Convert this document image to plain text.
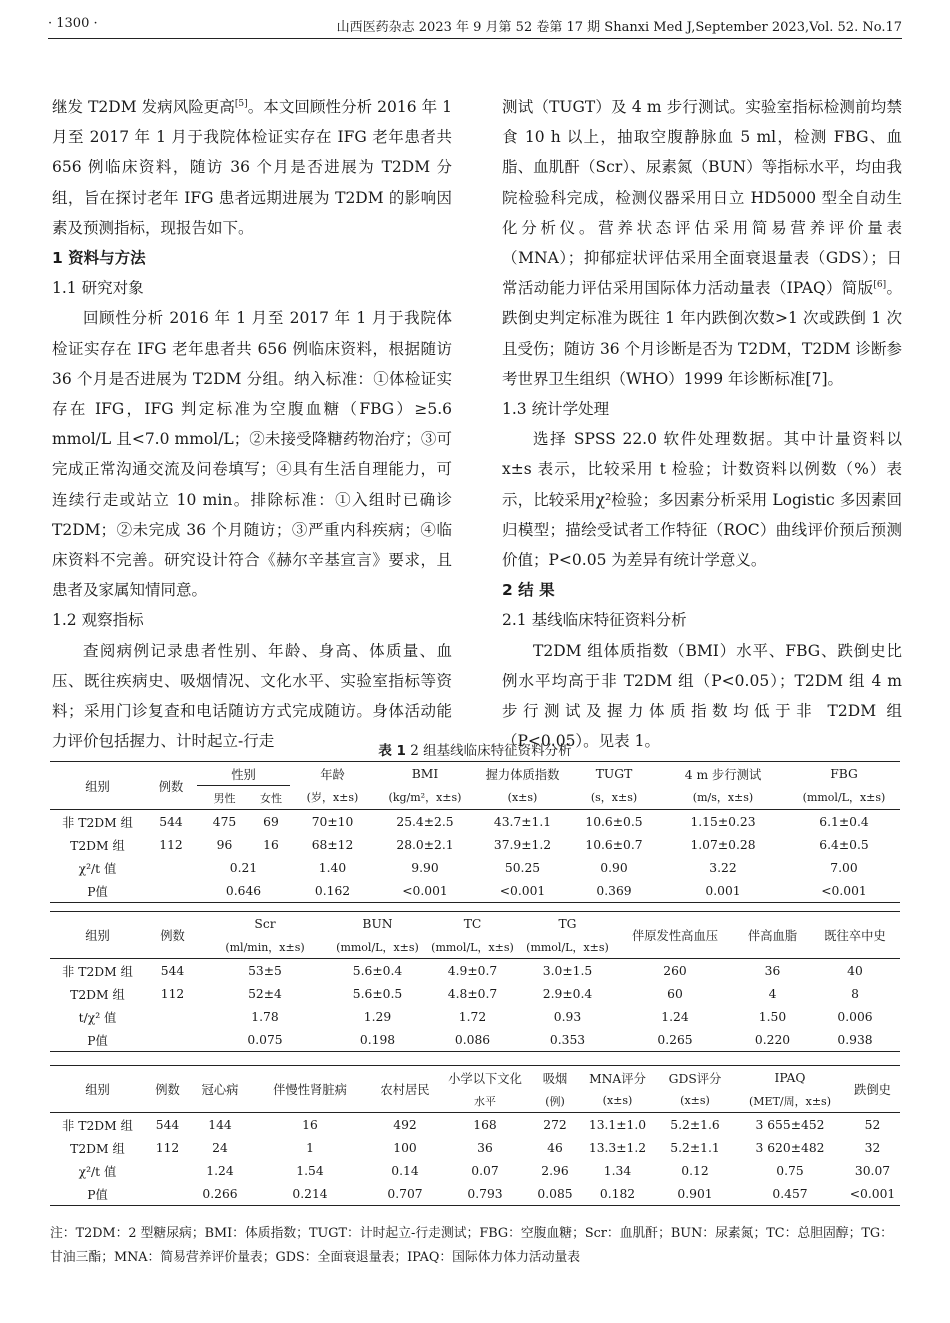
· 1300 ·	山西医药杂志 2023 年 9 月第 52 卷第 17 期 Shanxi Med J,September 2023,Vol. 52. No.17

继发 T2DM 发病风险更高[5]。本文回顾性分析 2016 年 1 月至 2017 年 1 月于我院体检证实存在 IFG 老年患者共 656 例临床资料，随访 36 个月是否进展为 T2DM 分组，旨在探讨老年 IFG 患者远期进展为 T2DM 的影响因素及预测指标，现报告如下。

1 资料与方法

1.1 研究对象

回顾性分析 2016 年 1 月至 2017 年 1 月于我院体检证实存在 IFG 老年患者共 656 例临床资料，根据随访 36 个月是否进展为 T2DM 分组。纳入标准：①体检证实存在 IFG，IFG 判定标准为空腹血糖（FBG）≥5.6 mmol/L 且<7.0 mmol/L；②未接受降糖药物治疗；③可完成正常沟通交流及问卷填写；④具有生活自理能力，可连续行走或站立 10 min。排除标准：①入组时已确诊 T2DM；②未完成 36 个月随访；③严重内科疾病；④临床资料不完善。研究设计符合《赫尔辛基宣言》要求，且患者及家属知情同意。

1.2 观察指标

查阅病例记录患者性别、年龄、身高、体质量、血压、既往疾病史、吸烟情况、文化水平、实验室指标等资料；采用门诊复查和电话随访方式完成随访。身体活动能力评价包括握力、计时起立-行走

测试（TUGT）及 4 m 步行测试。实验室指标检测前均禁食 10 h 以上，抽取空腹静脉血 5 ml，检测 FBG、血脂、血肌酐（Scr）、尿素氮（BUN）等指标水平，均由我院检验科完成，检测仪器采用日立 HD5000 型全自动生化分析仪。营养状态评估采用简易营养评价量表（MNA）；抑郁症状评估采用全面衰退量表（GDS）；日常活动能力评估采用国际体力活动量表（IPAQ）简版[6]。跌倒史判定标准为既往 1 年内跌倒次数>1 次或跌倒 1 次且受伤；随访 36 个月诊断是否为 T2DM，T2DM 诊断参考世界卫生组织（WHO）1999 年诊断标准[7]。

1.3 统计学处理

选择 SPSS 22.0 软件处理数据。其中计量资料以 x±s 表示，比较采用 t 检验；计数资料以例数（%）表示，比较采用χ²检验；多因素分析采用 Logistic 多因素回归模型；描绘受试者工作特征（ROC）曲线评价预后预测价值；P<0.05 为差异有统计学意义。

2 结 果

2.1 基线临床特征资料分析

T2DM 组体质指数（BMI）水平、FBG、跌倒史比例水平均高于非 T2DM 组（P<0.05）；T2DM 组 4 m 步行测试及握力体质指数均低于非 T2DM 组（P<0.05）。见表 1。

表 1 2 组基线临床特征资料分析
组别	例数	性别		年龄	BMI	握力体质指数	TUGT	4 m 步行测试	FBG
		男性	女性	(岁，x±s)	(kg/m²，x±s)	(x±s)	(s，x±s)	(m/s，x±s)	(mmol/L，x±s)
非 T2DM 组	544	475	69	70±10	25.4±2.5	43.7±1.1	10.6±0.5	1.15±0.23	6.1±0.4
T2DM 组	112	96	16	68±12	28.0±2.1	37.9±1.2	10.6±0.7	1.07±0.28	6.4±0.5
χ²/t 值		0.21		1.40	9.90	50.25	0.90	3.22	7.00
P值		0.646		0.162	<0.001	<0.001	0.369	0.001	<0.001
组别	例数	Scr	BUN	TC	TG	伴原发性高血压	伴高血脂	既往卒中史
		(ml/min，x±s)	(mmol/L，x±s)	(mmol/L，x±s)	(mmol/L，x±s)			
非 T2DM 组	544	53±5	5.6±0.4	4.9±0.7	3.0±1.5	260	36	40
T2DM 组	112	52±4	5.6±0.5	4.8±0.7	2.9±0.4	60	4	8
t/χ² 值		1.78	1.29	1.72	0.93	1.24	1.50	0.006
P值		0.075	0.198	0.086	0.353	0.265	0.220	0.938
组别	例数	冠心病	伴慢性肾脏病	农村居民	小学以下文化	吸烟	MNA评分	GDS评分	IPAQ	跌倒史
					水平	(例)	(x±s)	(x±s)	(MET/周，x±s)	
非 T2DM 组	544	144	16	492	168	272	13.1±1.0	5.2±1.6	3 655±452	52
T2DM 组	112	24	1	100	36	46	13.3±1.2	5.2±1.1	3 620±482	32
χ²/t 值		1.24	1.54	0.14	0.07	2.96	1.34	0.12	0.75	30.07
P值		0.266	0.214	0.707	0.793	0.085	0.182	0.901	0.457	<0.001
注：T2DM：2 型糖尿病；BMI：体质指数；TUGT：计时起立-行走测试；FBG：空腹血糖；Scr：血肌酐；BUN：尿素氮；TC：总胆固醇；TG：甘油三酯；MNA：简易营养评价量表；GDS：全面衰退量表；IPAQ：国际体力体力活动量表
